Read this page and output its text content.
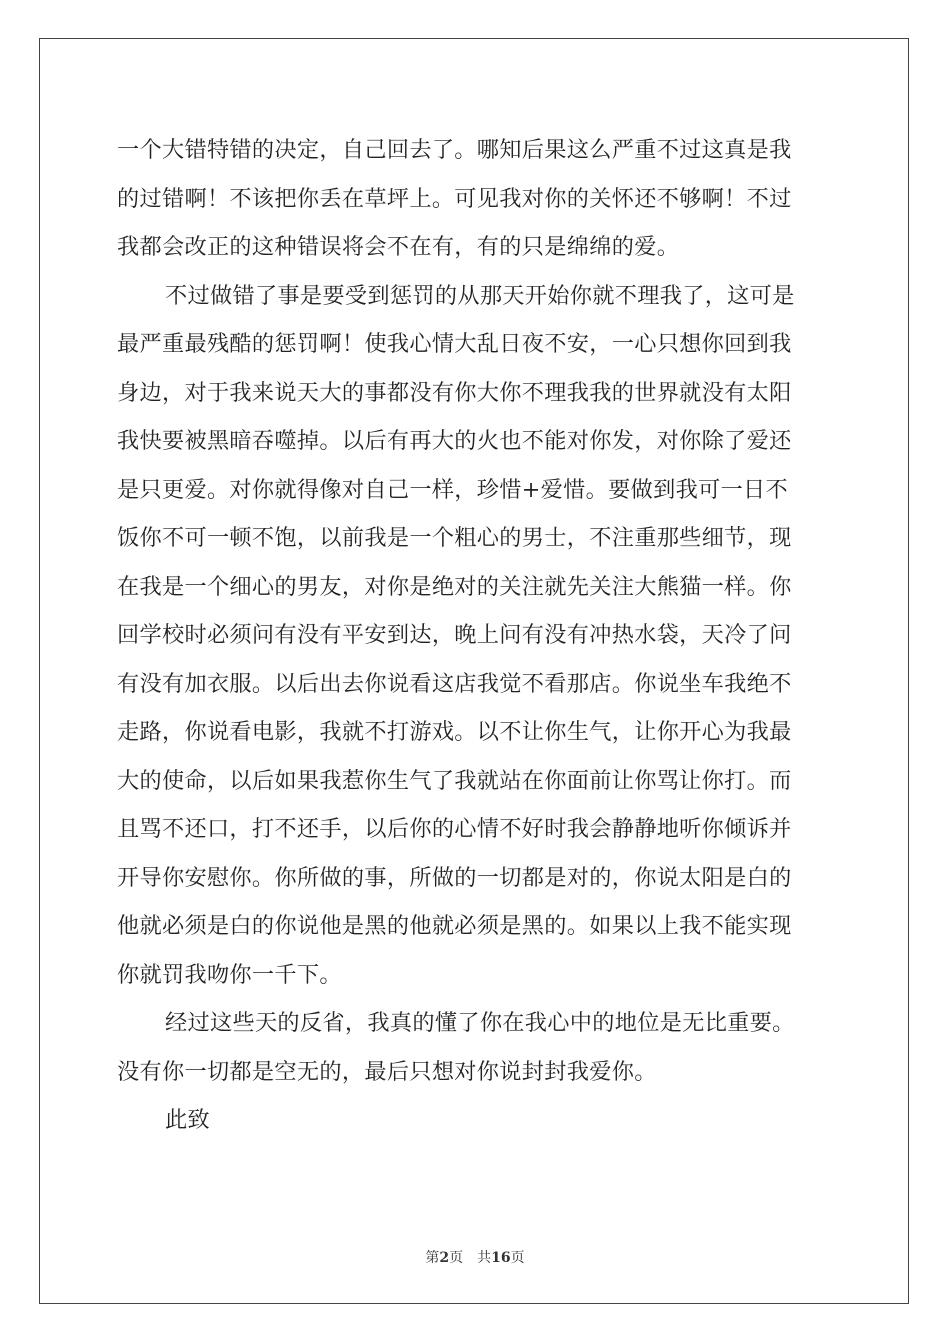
一个大错特错的决定，自己回去了。哪知后果这么严重不过这真是我
的过错啊！不该把你丢在草坪上。可见我对你的关怀还不够啊！不过
我都会改正的这种错误将会不在有，有的只是绵绵的爱。
不过做错了事是要受到惩罚的从那天开始你就不理我了，这可是
最严重最残酷的惩罚啊！使我心情大乱日夜不安，一心只想你回到我
身边，对于我来说天大的事都没有你大你不理我我的世界就没有太阳
我快要被黑暗吞噬掉。以后有再大的火也不能对你发，对你除了爱还
是只更爱。对你就得像对自己一样，珍惜+爱惜。要做到我可一日不
饭你不可一顿不饱，以前我是一个粗心的男士，不注重那些细节，现
在我是一个细心的男友，对你是绝对的关注就先关注大熊猫一样。你
回学校时必须问有没有平安到达，晚上问有没有冲热水袋，天冷了问
有没有加衣服。以后出去你说看这店我觉不看那店。你说坐车我绝不
走路，你说看电影，我就不打游戏。以不让你生气，让你开心为我最
大的使命，以后如果我惹你生气了我就站在你面前让你骂让你打。而
且骂不还口，打不还手，以后你的心情不好时我会静静地听你倾诉并
开导你安慰你。你所做的事，所做的一切都是对的，你说太阳是白的
他就必须是白的你说他是黑的他就必须是黑的。如果以上我不能实现
你就罚我吻你一千下。
经过这些天的反省，我真的懂了你在我心中的地位是无比重要。
没有你一切都是空无的，最后只想对你说封封我爱你。
此致
第2页 共16页
